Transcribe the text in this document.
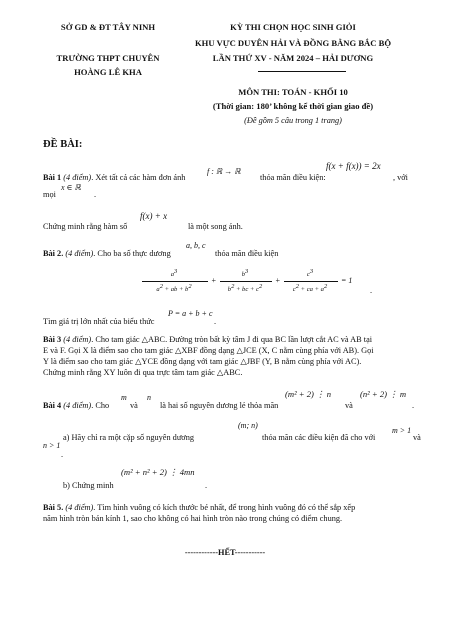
SỞ GD & ĐT TÂY NINH
TRƯỜNG THPT CHUYÊN
HOÀNG LÊ KHA
KỲ THI CHỌN HỌC SINH GIỎI
KHU VỰC DUYÊN HẢI VÀ ĐỒNG BẰNG BẮC BỘ
LẦN THỨ XV - NĂM 2024 – HẢI DƯƠNG
MÔN THI: TOÁN - KHỐI 10
(Thời gian: 180’ không kể thời gian giao đề)
(Đề gồm 5 câu trong 1 trang)
ĐỀ BÀI:
Bài 1 (4 điểm). Xét tất cả các hàm đơn ánh
f : ℝ → ℝ
thỏa mãn điều kiện:
f(x + f(x)) = 2x
, với
mọi
x ∈ ℝ
.
Chứng minh rằng hàm số
f(x) + x
là một song ánh.
Bài 2. (4 điểm). Cho ba số thực dương
a, b, c
thỏa mãn điều kiện
$a^3$
$a^2$ + ab + $b^2$
+
$b^3$
$b^2$ + bc + $c^2$
+
$c^3$
$c^2$ + ca + $a^2$
= 1
.
Tìm giá trị lớn nhất của biểu thức
P = a + b + c
.
Bài 3 (4 điểm). Cho tam giác △ABC. Đường tròn bất kỳ tâm J đi qua BC lần lượt cắt AC và AB tại
E và F. Gọi X là điểm sao cho tam giác △XBF đồng dạng △JCE (X, C nằm cùng phía với AB). Gọi
Y là điểm sao cho tam giác △YCE đồng dạng với tam giác △JBF (Y, B nằm cùng phía với AC).
Chứng minh rằng XY luôn đi qua trực tâm tam giác △ABC.
Bài 4 (4 điểm). Cho
m
và
n
là hai số nguyên dương lẻ thỏa mãn
(m² + 2) ⋮ n
và
(n² + 2) ⋮ m
.
a) Hãy chỉ ra một cặp số nguyên dương
(m; n)
thỏa mãn các điều kiện đã cho với
m > 1
và
n > 1
.
b) Chứng minh
(m² + n² + 2) ⋮ 4mn
.
Bài 5. (4 điểm). Tìm hình vuông có kích thước bé nhất, để trong hình vuông đó có thể sắp xếp
năm hình tròn bán kính 1, sao cho không có hai hình tròn nào trong chúng có điểm chung.
------------HẾT-----------
